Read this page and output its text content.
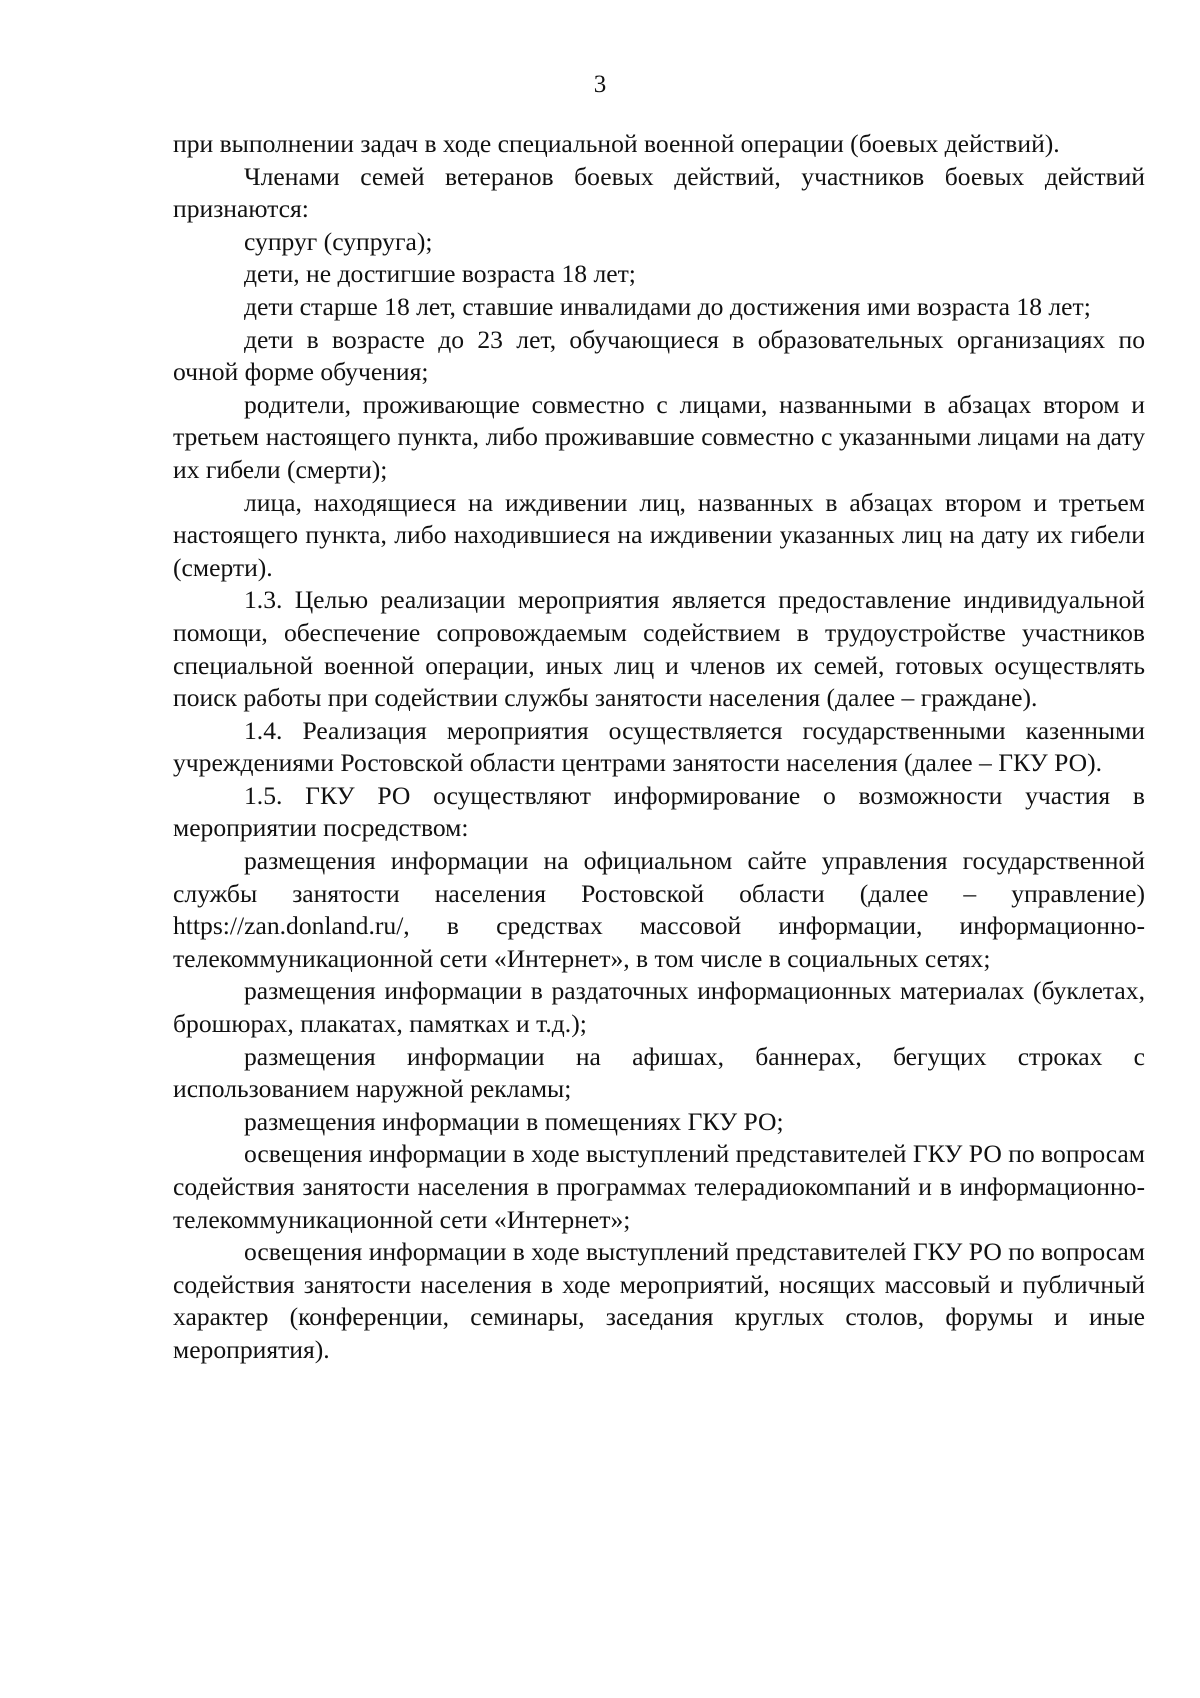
3

при выполнении задач в ходе специальной военной операции (боевых действий).

Членами семей ветеранов боевых действий, участников боевых действий признаются:

супруг (супруга);

дети, не достигшие возраста 18 лет;

дети старше 18 лет, ставшие инвалидами до достижения ими возраста 18 лет;

дети в возрасте до 23 лет, обучающиеся в образовательных организациях по очной форме обучения;

родители, проживающие совместно с лицами, названными в абзацах втором и третьем настоящего пункта, либо проживавшие совместно с указанными лицами на дату их гибели (смерти);

лица, находящиеся на иждивении лиц, названных в абзацах втором и третьем настоящего пункта, либо находившиеся на иждивении указанных лиц на дату их гибели (смерти).

1.3. Целью реализации мероприятия является предоставление индивидуальной помощи, обеспечение сопровождаемым содействием в трудоустройстве участников специальной военной операции, иных лиц и членов их семей, готовых осуществлять поиск работы при содействии службы занятости населения (далее – граждане).

1.4. Реализация мероприятия осуществляется государственными казенными учреждениями Ростовской области центрами занятости населения (далее – ГКУ РО).

1.5. ГКУ РО осуществляют информирование о возможности участия в мероприятии посредством:

размещения информации на официальном сайте управления государственной службы занятости населения Ростовской области (далее – управление) https://zan.donland.ru/, в средствах массовой информации, информационно-телекоммуникационной сети «Интернет», в том числе в социальных сетях;

размещения информации в раздаточных информационных материалах (буклетах, брошюрах, плакатах, памятках и т.д.);

размещения информации на афишах, баннерах, бегущих строках с использованием наружной рекламы;

размещения информации в помещениях ГКУ РО;

освещения информации в ходе выступлений представителей ГКУ РО по вопросам содействия занятости населения в программах телерадиокомпаний и в информационно-телекоммуникационной сети «Интернет»;

освещения информации в ходе выступлений представителей ГКУ РО по вопросам содействия занятости населения в ходе мероприятий, носящих массовый и публичный характер (конференции, семинары, заседания круглых столов, форумы и иные мероприятия).
